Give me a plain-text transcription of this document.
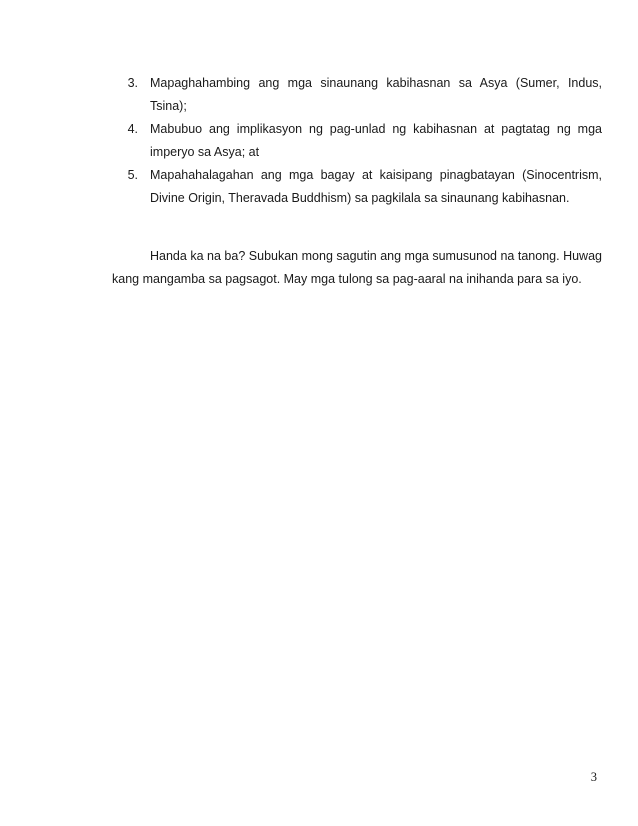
3. Mapaghahambing ang mga sinaunang kabihasnan sa Asya (Sumer, Indus, Tsina);
4. Mabubuo ang implikasyon ng pag-unlad ng kabihasnan at pagtatag ng mga imperyo sa Asya; at
5. Mapahahalagahan ang mga bagay at kaisipang pinagbatayan (Sinocentrism, Divine Origin, Theravada Buddhism) sa pagkilala sa sinaunang kabihasnan.

Handa ka na ba? Subukan mong sagutin ang mga sumusunod na tanong. Huwag kang mangamba sa pagsagot. May mga tulong sa pag-aaral na inihanda para sa iyo.

3
